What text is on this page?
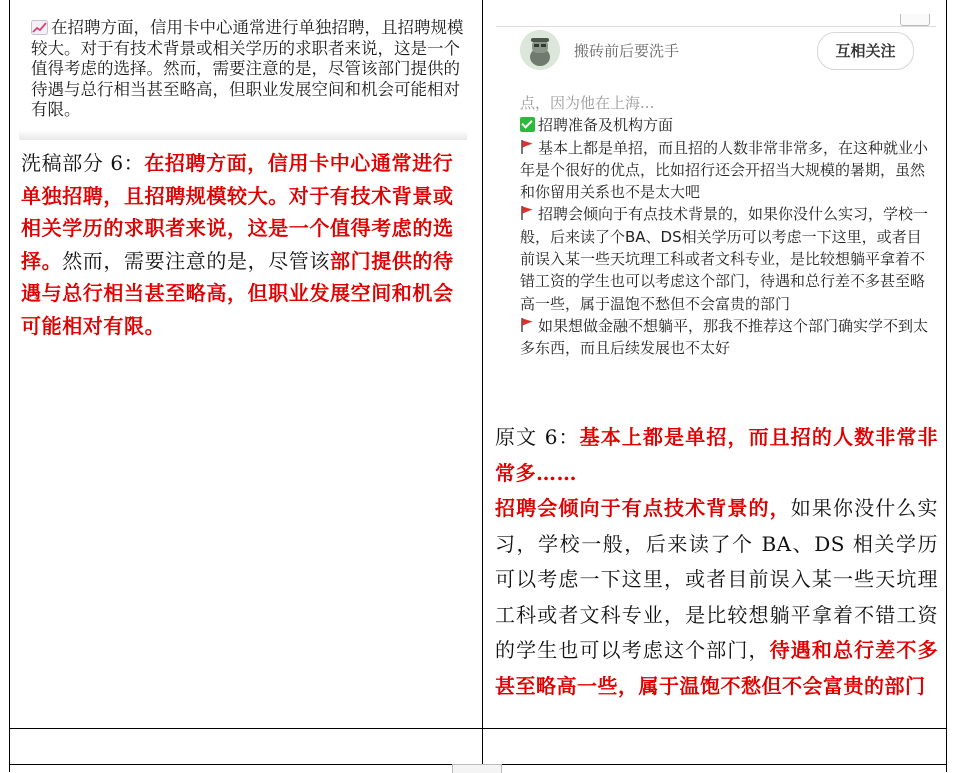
在招聘方面，信用卡中心通常进行单独招聘，且招聘规模较大。对于有技术背景或相关学历的求职者来说，这是一个值得考虑的选择。然而，需要注意的是，尽管该部门提供的待遇与总行相当甚至略高，但职业发展空间和机会可能相对有限。
洗稿部分 6：在招聘方面，信用卡中心通常进行单独招聘，且招聘规模较大。对于有技术背景或相关学历的求职者来说，这是一个值得考虑的选择。然而，需要注意的是，尽管该部门提供的待遇与总行相当甚至略高，但职业发展空间和机会可能相对有限。
搬砖前后要洗手	互相关注

点，因为他在上海...

招聘准备及机构方面

基本上都是单招，而且招的人数非常非常多，在这种就业小年是个很好的优点，比如招行还会开招当大规模的暑期，虽然和你留用关系也不是太大吧

招聘会倾向于有点技术背景的，如果你没什么实习，学校一般，后来读了个BA、DS相关学历可以考虑一下这里，或者目前误入某一些天坑理工科或者文科专业，是比较想躺平拿着不错工资的学生也可以考虑这个部门，待遇和总行差不多甚至略高一些，属于温饱不愁但不会富贵的部门

如果想做金融不想躺平，那我不推荐这个部门确实学不到太多东西，而且后续发展也不太好

原文 6：基本上都是单招，而且招的人数非常非常多……

招聘会倾向于有点技术背景的，如果你没什么实习，学校一般，后来读了个 BA、DS 相关学历可以考虑一下这里，或者目前误入某一些天坑理工科或者文科专业，是比较想躺平拿着不错工资的学生也可以考虑这个部门，待遇和总行差不多甚至略高一些，属于温饱不愁但不会富贵的部门
